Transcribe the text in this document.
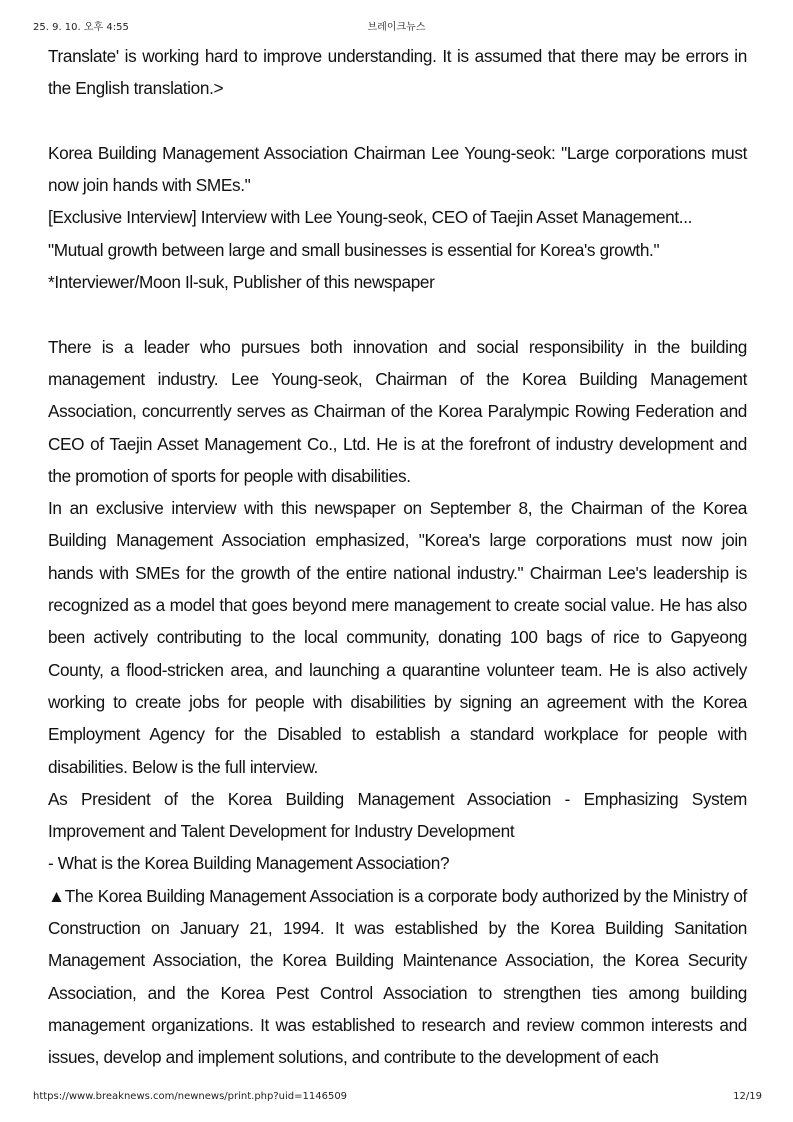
25. 9. 10. 오후 4:55	브레이크뉴스

Translate' is working hard to improve understanding. It is assumed that there may be errors in the English translation.>

Korea Building Management Association Chairman Lee Young-seok: "Large corporations must now join hands with SMEs."

[Exclusive Interview] Interview with Lee Young-seok, CEO of Taejin Asset Management...

"Mutual growth between large and small businesses is essential for Korea's growth."

*Interviewer/Moon Il-suk, Publisher of this newspaper

There is a leader who pursues both innovation and social responsibility in the building management industry. Lee Young-seok, Chairman of the Korea Building Management Association, concurrently serves as Chairman of the Korea Paralympic Rowing Federation and CEO of Taejin Asset Management Co., Ltd. He is at the forefront of industry development and the promotion of sports for people with disabilities.

In an exclusive interview with this newspaper on September 8, the Chairman of the Korea Building Management Association emphasized, "Korea's large corporations must now join hands with SMEs for the growth of the entire national industry." Chairman Lee's leadership is recognized as a model that goes beyond mere management to create social value. He has also been actively contributing to the local community, donating 100 bags of rice to Gapyeong County, a flood-stricken area, and launching a quarantine volunteer team. He is also actively working to create jobs for people with disabilities by signing an agreement with the Korea Employment Agency for the Disabled to establish a standard workplace for people with disabilities. Below is the full interview.

As President of the Korea Building Management Association - Emphasizing System Improvement and Talent Development for Industry Development

- What is the Korea Building Management Association?

▲The Korea Building Management Association is a corporate body authorized by the Ministry of Construction on January 21, 1994. It was established by the Korea Building Sanitation Management Association, the Korea Building Maintenance Association, the Korea Security Association, and the Korea Pest Control Association to strengthen ties among building management organizations. It was established to research and review common interests and issues, develop and implement solutions, and contribute to the development of each

https://www.breaknews.com/newnews/print.php?uid=1146509	12/19
